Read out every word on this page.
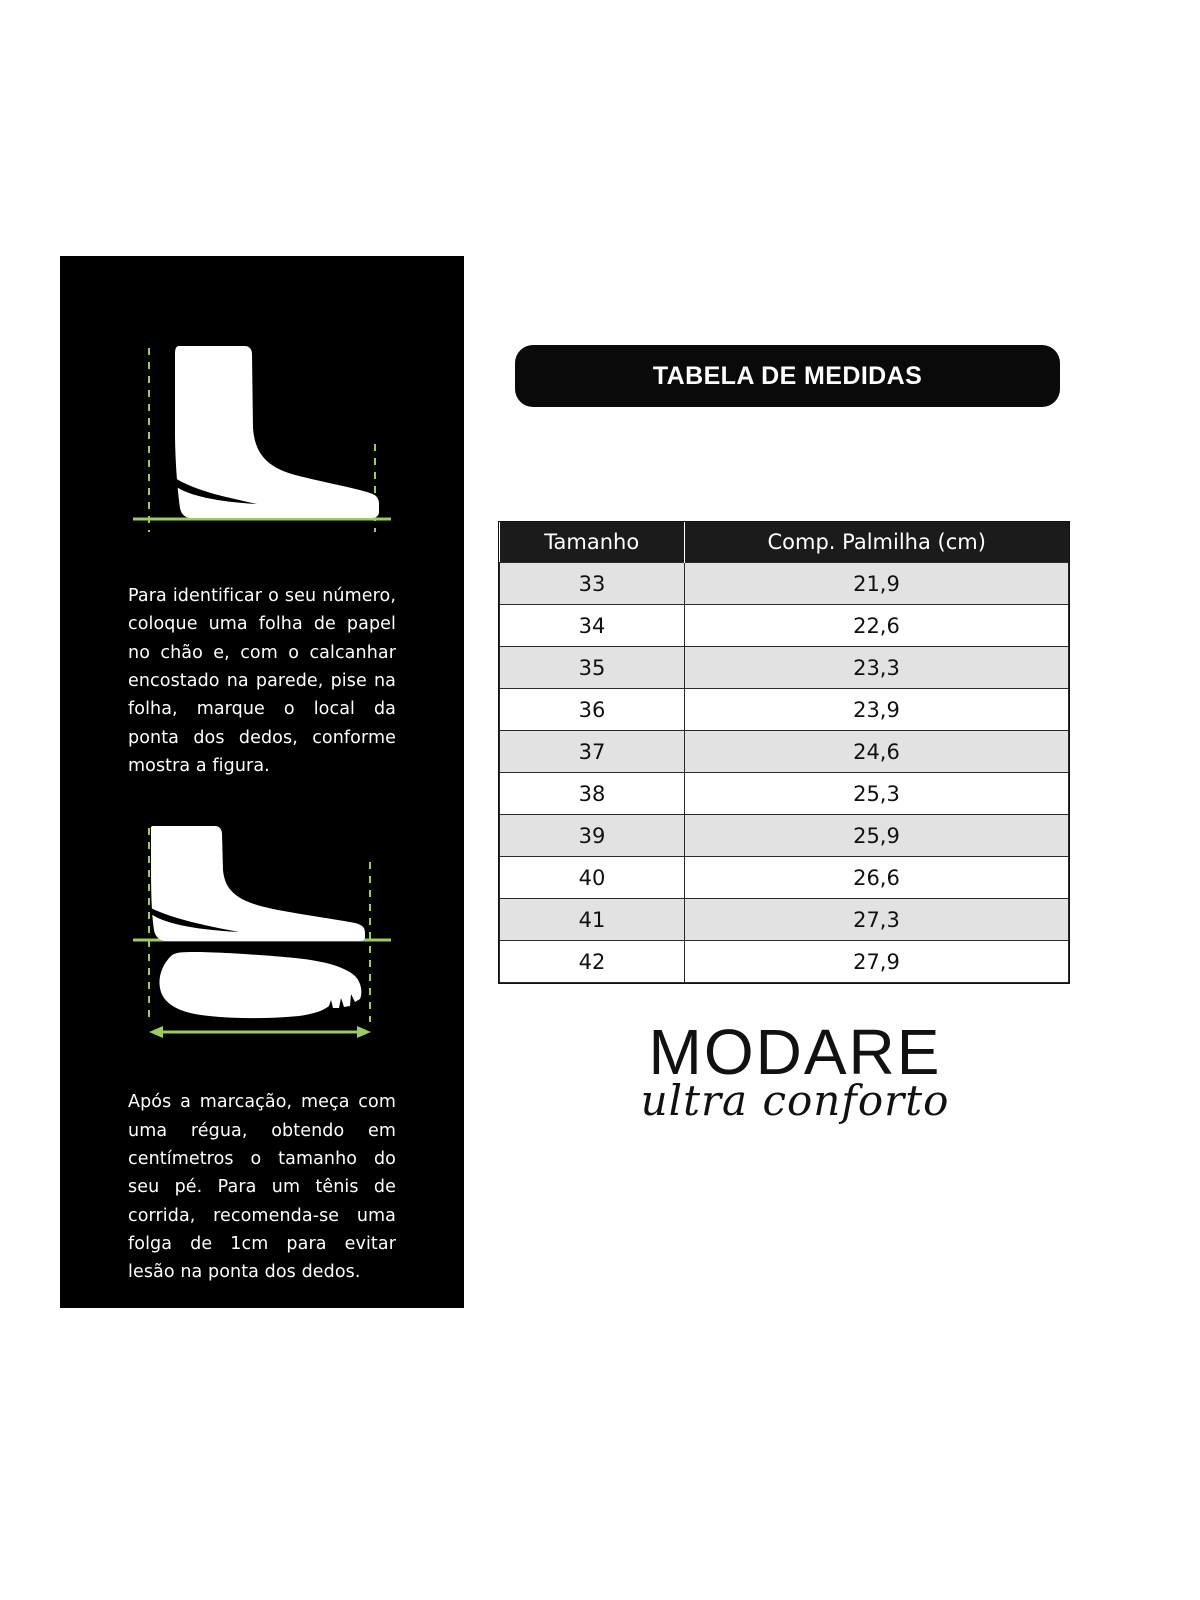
Para identificar o seu número, coloque uma folha de papel no chão e, com o calcanhar encostado na parede, pise na folha, marque o local da ponta dos dedos, conforme mostra a figura.
Após a marcação, meça com uma régua, obtendo em centímetros o tamanho do seu pé. Para um tênis de corrida, recomenda-se uma folga de 1cm para evitar lesão na ponta dos dedos.
TABELA DE MEDIDAS
Tamanho	Comp. Palmilha (cm)
33	21,9
34	22,6
35	23,3
36	23,9
37	24,6
38	25,3
39	25,9
40	26,6
41	27,3
42	27,9
MODARE
ultra conforto
